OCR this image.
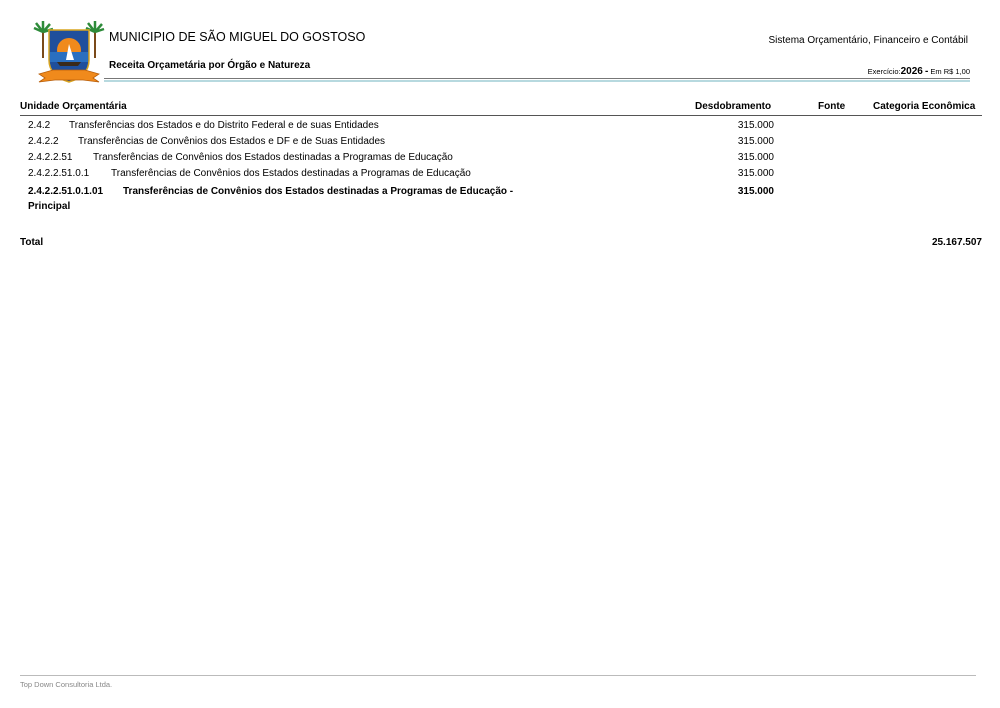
MUNICIPIO DE SÃO MIGUEL DO GOSTOSO
Receita Orçametária por Órgão e Natureza
Sistema Orçamentário, Financeiro e Contábil
Exercício:2026 - Em R$ 1,00
Unidade Orçamentária	Desdobramento	Fonte	Categoria Econômica
2.4.2 Transferências dos Estados e do Distrito Federal e de suas Entidades	315.000
2.4.2.2 Transferências de Convênios dos Estados e DF e de Suas Entidades	315.000
2.4.2.2.51 Transferências de Convênios dos Estados destinadas a Programas de Educação	315.000
2.4.2.2.51.0.1 Transferências de Convênios dos Estados destinadas a Programas de Educação	315.000
2.4.2.2.51.0.1.01 Transferências de Convênios dos Estados destinadas a Programas de Educação -	315.000
Principal
Total	25.167.507
Top Down Consultoria Ltda.
